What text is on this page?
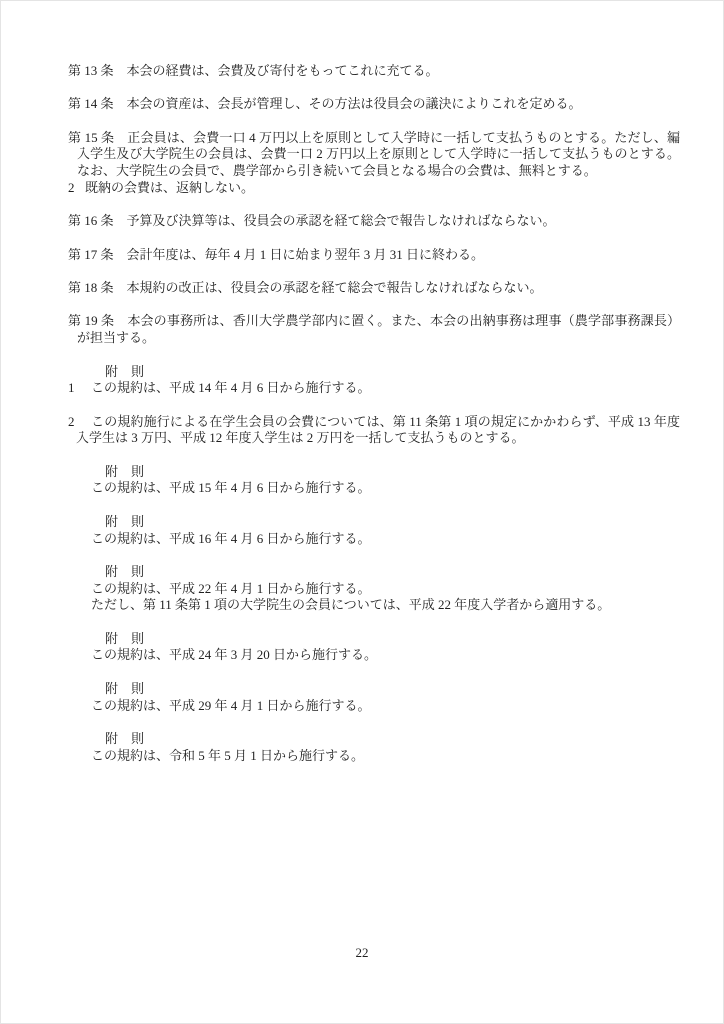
第 13 条　本会の経費は、会費及び寄付をもってこれに充てる。

第 14 条　本会の資産は、会長が管理し、その方法は役員会の議決によりこれを定める。

第 15 条　正会員は、会費一口 4 万円以上を原則として入学時に一括して支払うものとする。ただし、編入学生及び大学院生の会員は、会費一口 2 万円以上を原則として入学時に一括して支払うものとする。なお、大学院生の会員で、農学部から引き続いて会員となる場合の会費は、無料とする。

2 既納の会費は、返納しない。

第 16 条　予算及び決算等は、役員会の承認を経て総会で報告しなければならない。

第 17 条　会計年度は、毎年 4 月 1 日に始まり翌年 3 月 31 日に終わる。

第 18 条　本規約の改正は、役員会の承認を経て総会で報告しなければならない。

第 19 条　本会の事務所は、香川大学農学部内に置く。また、本会の出納事務は理事（農学部事務課長）が担当する。

附　則

1 この規約は、平成 14 年 4 月 6 日から施行する。

2 この規約施行による在学生会員の会費については、第 11 条第 1 項の規定にかかわらず、平成 13 年度入学生は 3 万円、平成 12 年度入学生は 2 万円を一括して支払うものとする。

附　則

この規約は、平成 15 年 4 月 6 日から施行する。

附　則

この規約は、平成 16 年 4 月 6 日から施行する。

附　則

この規約は、平成 22 年 4 月 1 日から施行する。

ただし、第 11 条第 1 項の大学院生の会員については、平成 22 年度入学者から適用する。

附　則

この規約は、平成 24 年 3 月 20 日から施行する。

附　則

この規約は、平成 29 年 4 月 1 日から施行する。

附　則

この規約は、令和 5 年 5 月 1 日から施行する。

22
